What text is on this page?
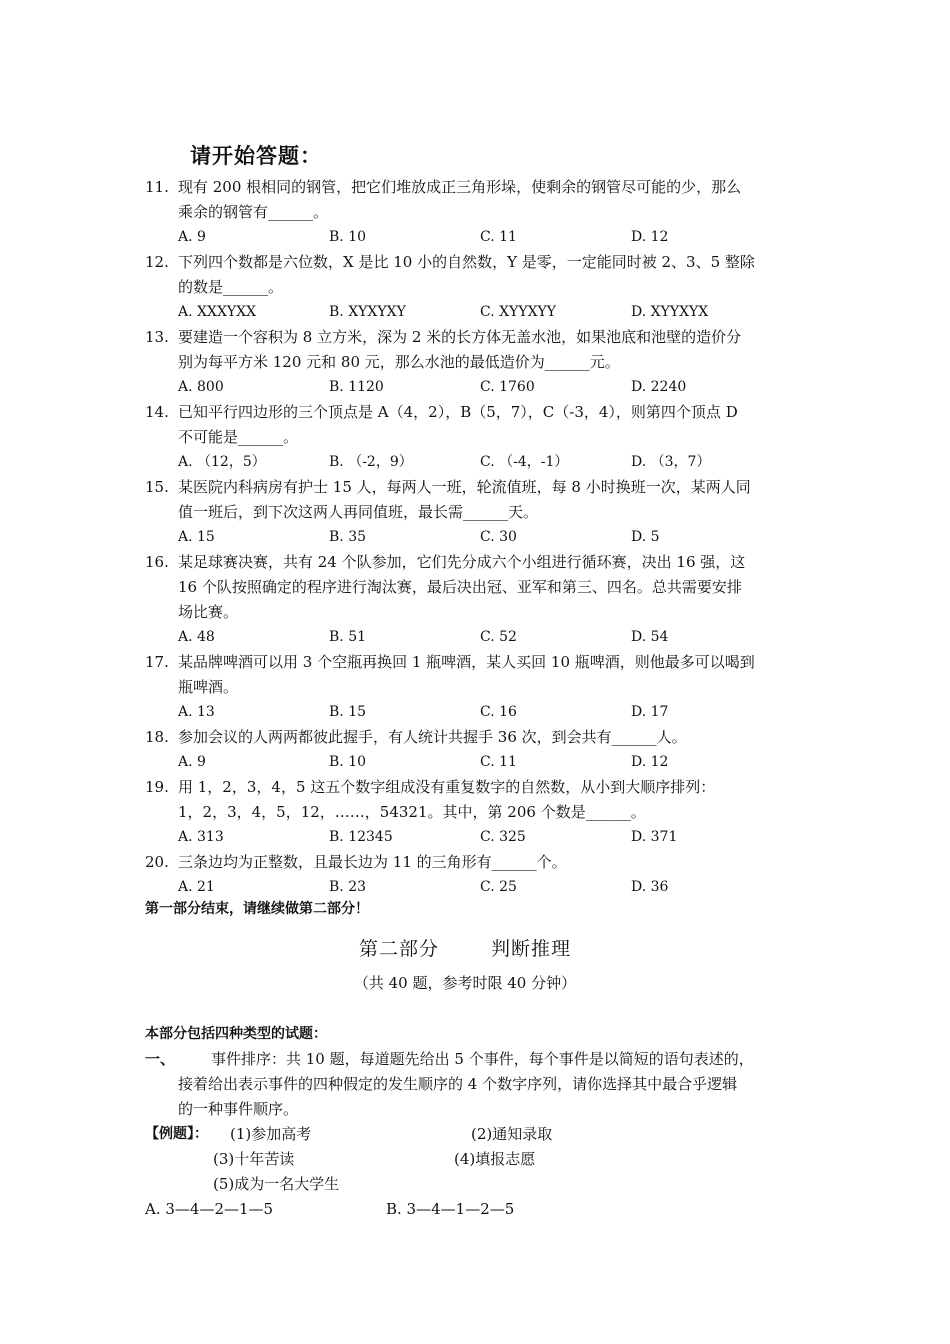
请开始答题：
11. 现有 200 根相同的钢管，把它们堆放成正三角形垛，使剩余的钢管尽可能的少，那么
乘余的钢管有______。
A. 9	B. 10	C. 11	D. 12
12. 下列四个数都是六位数，X 是比 10 小的自然数，Y 是零，一定能同时被 2、3、5 整除
的数是______。
A. XXXYXX	B. XYXYXY	C. XYYXYY	D. XYYXYX
13. 要建造一个容积为 8 立方米，深为 2 米的长方体无盖水池，如果池底和池壁的造价分
别为每平方米 120 元和 80 元，那么水池的最低造价为______元。
A. 800	B. 1120	C. 1760	D. 2240
14. 已知平行四边形的三个顶点是 A（4，2），B（5，7），C（-3，4），则第四个顶点 D
不可能是______。
A. （12，5）	B. （-2，9）	C. （-4，-1）	D. （3，7）
15. 某医院内科病房有护士 15 人，每两人一班，轮流值班，每 8 小时换班一次，某两人同
值一班后，到下次这两人再同值班，最长需______天。
A. 15	B. 35	C. 30	D. 5
16. 某足球赛决赛，共有 24 个队参加，它们先分成六个小组进行循环赛，决出 16 强，这
16 个队按照确定的程序进行淘汰赛，最后决出冠、亚军和第三、四名。总共需要安排
场比赛。
A. 48	B. 51	C. 52	D. 54
17. 某品牌啤酒可以用 3 个空瓶再换回 1 瓶啤酒，某人买回 10 瓶啤酒，则他最多可以喝到
瓶啤酒。
A. 13	B. 15	C. 16	D. 17
18. 参加会议的人两两都彼此握手，有人统计共握手 36 次，到会共有______人。
A. 9	B. 10	C. 11	D. 12
19. 用 1，2，3，4，5 这五个数字组成没有重复数字的自然数，从小到大顺序排列：
1，2，3，4，5，12，……，54321。其中，第 206 个数是______。
A. 313	B. 12345	C. 325	D. 371
20. 三条边均为正整数，且最长边为 11 的三角形有______个。
A. 21	B. 23	C. 25	D. 36
第一部分结束，请继续做第二部分！
第二部分	判断推理
（共 40 题，参考时限 40 分钟）
本部分包括四种类型的试题：
一、	事件排序：共 10 题，每道题先给出 5 个事件，每个事件是以简短的语句表述的，
接着给出表示事件的四种假定的发生顺序的 4 个数字序列，请你选择其中最合乎逻辑
的一种事件顺序。
【例题】： (1)参加高考	(2)通知录取
(3)十年苦读	(4)填报志愿
(5)成为一名大学生
A. 3—4—2—1—5	B. 3—4—1—2—5
